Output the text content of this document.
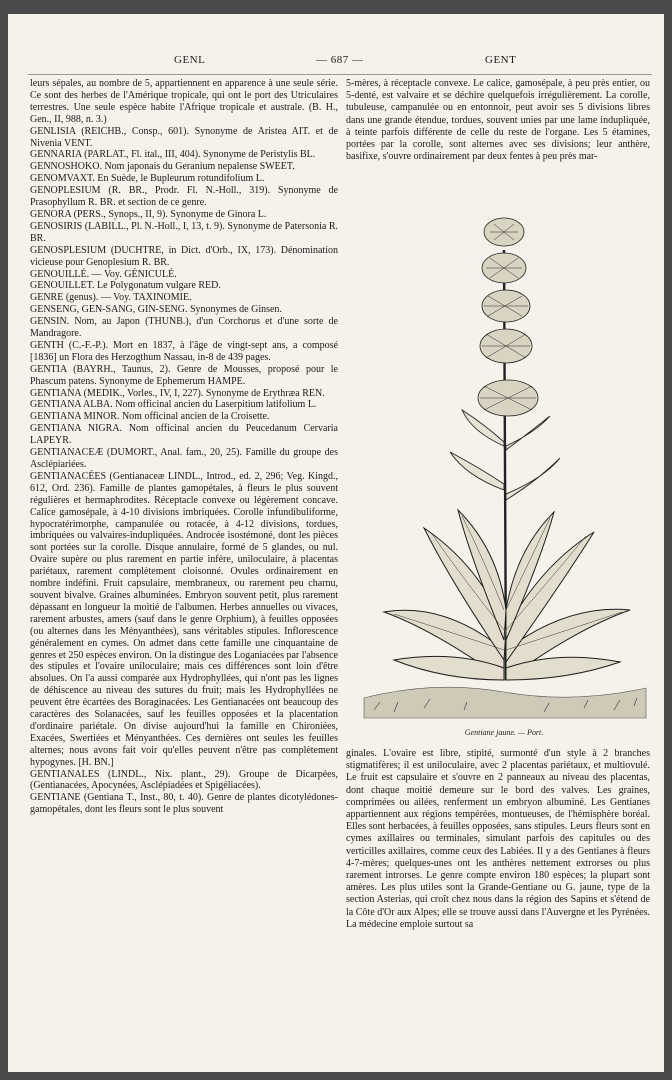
GENL	— 687 —	GENT

leurs sépales, au nombre de 5, appartiennent en apparence à une seule série. Ce sont des herbes de l'Amérique tropicale, qui ont le port des Utriculaires terrestres. Une seule espèce habite l'Afrique tropicale et australe. (B. H., Gen., II, 988, n. 3.)

GENLISIA (REICHB., Consp., 601). Synonyme de Aristea AIT. et de Nivenia VENT.

GENNARIA (PARLAT., Fl. ital., III, 404). Synonyme de Peristylis BL.

GENNOSHOKO. Nom japonais du Geranium nepalense SWEET.

GENOMVAXT. En Suède, le Bupleurum rotundifolium L.

GENOPLESIUM (R. BR., Prodr. Fl. N.-Holl., 319). Synonyme de Prasophyllum R. BR. et section de ce genre.

GENORA (PERS., Synops., II, 9). Synonyme de Ginora L.

GENOSIRIS (LABILL., Pl. N.-Holl., I, 13, t. 9). Synonyme de Patersonia R. BR.

GENOSPLESIUM (DUCHTRE, in Dict. d'Orb., IX, 173). Dénomination vicieuse pour Genoplesium R. BR.

GENOUILLÉ. — Voy. GÉNICULÉ.

GENOUILLET. Le Polygonatum vulgare RED.

GENRE (genus). — Voy. TAXINOMIE.

GENSENG, GEN-SANG, GIN-SENG. Synonymes de Ginsen.

GENSIN. Nom, au Japon (THUNB.), d'un Corchorus et d'une sorte de Mandragore.

GENTH (C.-F.-P.). Mort en 1837, à l'âge de vingt-sept ans, a composé [1836] un Flora des Herzogthum Nassau, in-8 de 439 pages.

GENTIA (BAYRH., Taunus, 2). Genre de Mousses, proposé pour le Phascum patens. Synonyme de Ephemerum HAMPE.

GENTIANA (MEDIK., Vorles., IV, I, 227). Synonyme de Erythræa REN.

GENTIANA ALBA. Nom officinal ancien du Laserpitium latifolium L.

GENTIANA MINOR. Nom officinal ancien de la Croisette.

GENTIANA NIGRA. Nom officinal ancien du Peucedanum Cervaria LAPEYR.

GENTIANACEÆ (DUMORT., Anal. fam., 20, 25). Famille du groupe des Asclépiariées.

GENTIANACÉES (Gentianaceæ LINDL., Introd., ed. 2, 296; Veg. Kingd., 612, Ord. 236). Famille de plantes gamopétales, à fleurs le plus souvent régulières et hermaphrodites. Réceptacle convexe ou légèrement concave. Calice gamosépale, à 4-10 divisions imbriquées. Corolle infundibuliforme, hypocratérimorphe, campanulée ou rotacée, à 4-12 divisions, tordues, imbriquées ou valvaires-indupliquées. Androcée isostémoné, dont les pièces sont portées sur la corolle. Disque annulaire, formé de 5 glandes, ou nul. Ovaire supère ou plus rarement en partie infère, uniloculaire, à placentas pariétaux, rarement complètement cloisonné. Ovules ordinairement en nombre indéfini. Fruit capsulaire, membraneux, ou rarement peu charnu, souvent bivalve. Graines albuminées. Embryon souvent petit, plus rarement dépassant en longueur la moitié de l'albumen. Herbes annuelles ou vivaces, rarement arbustes, amers (sauf dans le genre Orphium), à feuilles opposées (ou alternes dans les Ményanthées), sans véritables stipules. Inflorescence généralement en cymes. On admet dans cette famille une cinquantaine de genres et 250 espèces environ. On la distingue des Loganiacées par l'absence des stipules et l'ovaire uniloculaire; mais ces différences sont loin d'être absolues. On l'a aussi comparée aux Hydrophyllées, qui n'ont pas les lignes de déhiscence au niveau des sutures du fruit; mais les Hydrophyllées ne peuvent être écartées des Boraginacées. Les Gentianacées ont beaucoup des caractères des Solanacées, sauf les feuilles opposées et la placentation d'ordinaire pariétale. On divise aujourd'hui la famille en Chironiées, Exacées, Swertiées et Ményanthées. Ces dernières ont seules les feuilles alternes; nous avons fait voir qu'elles peuvent n'être pas complètement hypogynes. [H. BN.]

GENTIANALES (LINDL., Nix. plant., 29). Groupe de Dicarpées, (Gentianacées, Apocynées, Asclépiadées et Spigéliacées).

GENTIANE (Gentiana T., Inst., 80, t. 40). Genre de plantes dicotylédones-gamopétales, dont les fleurs sont le plus souvent

5-mères, à réceptacle convexe. Le calice, gamosépale, à peu près entier, ou 5-denté, est valvaire et se déchire quelquefois irrégulièrement. La corolle, tubuleuse, campanulée ou en entonnoir, peut avoir ses 5 divisions libres dans une grande étendue, tordues, souvent unies par une lame indupliquée, à teinte parfois différente de celle du reste de l'organe. Les 5 étamines, portées par la corolle, sont alternes avec ses divisions; leur anthère, basifixe, s'ouvre ordinairement par deux fentes à peu près mar-

Gentiane jaune. — Port.

ginales. L'ovaire est libre, stipité, surmonté d'un style à 2 branches stigmatifères; il est uniloculaire, avec 2 placentas pariétaux, et multiovulé. Le fruit est capsulaire et s'ouvre en 2 panneaux au niveau des placentas, dont chaque moitié demeure sur le bord des valves. Les graines, comprimées ou ailées, renferment un embryon albuminé. Les Gentianes appartiennent aux régions tempérées, montueuses, de l'hémisphère boréal. Elles sont herbacées, à feuilles opposées, sans stipules. Leurs fleurs sont en cymes axillaires ou terminales, simulant parfois des capitules ou des verticilles axillaires, comme ceux des Labiées. Il y a des Gentianes à fleurs 4-7-mères; quelques-unes ont les anthères nettement extrorses ou plus rarement introrses. Le genre compte environ 180 espèces; la plupart sont amères. Les plus utiles sont la Grande-Gentiane ou G. jaune, type de la section Asterias, qui croît chez nous dans la région des Sapins et s'étend de la Côte d'Or aux Alpes; elle se trouve aussi dans l'Auvergne et les Pyrénées. La médecine emploie surtout sa
